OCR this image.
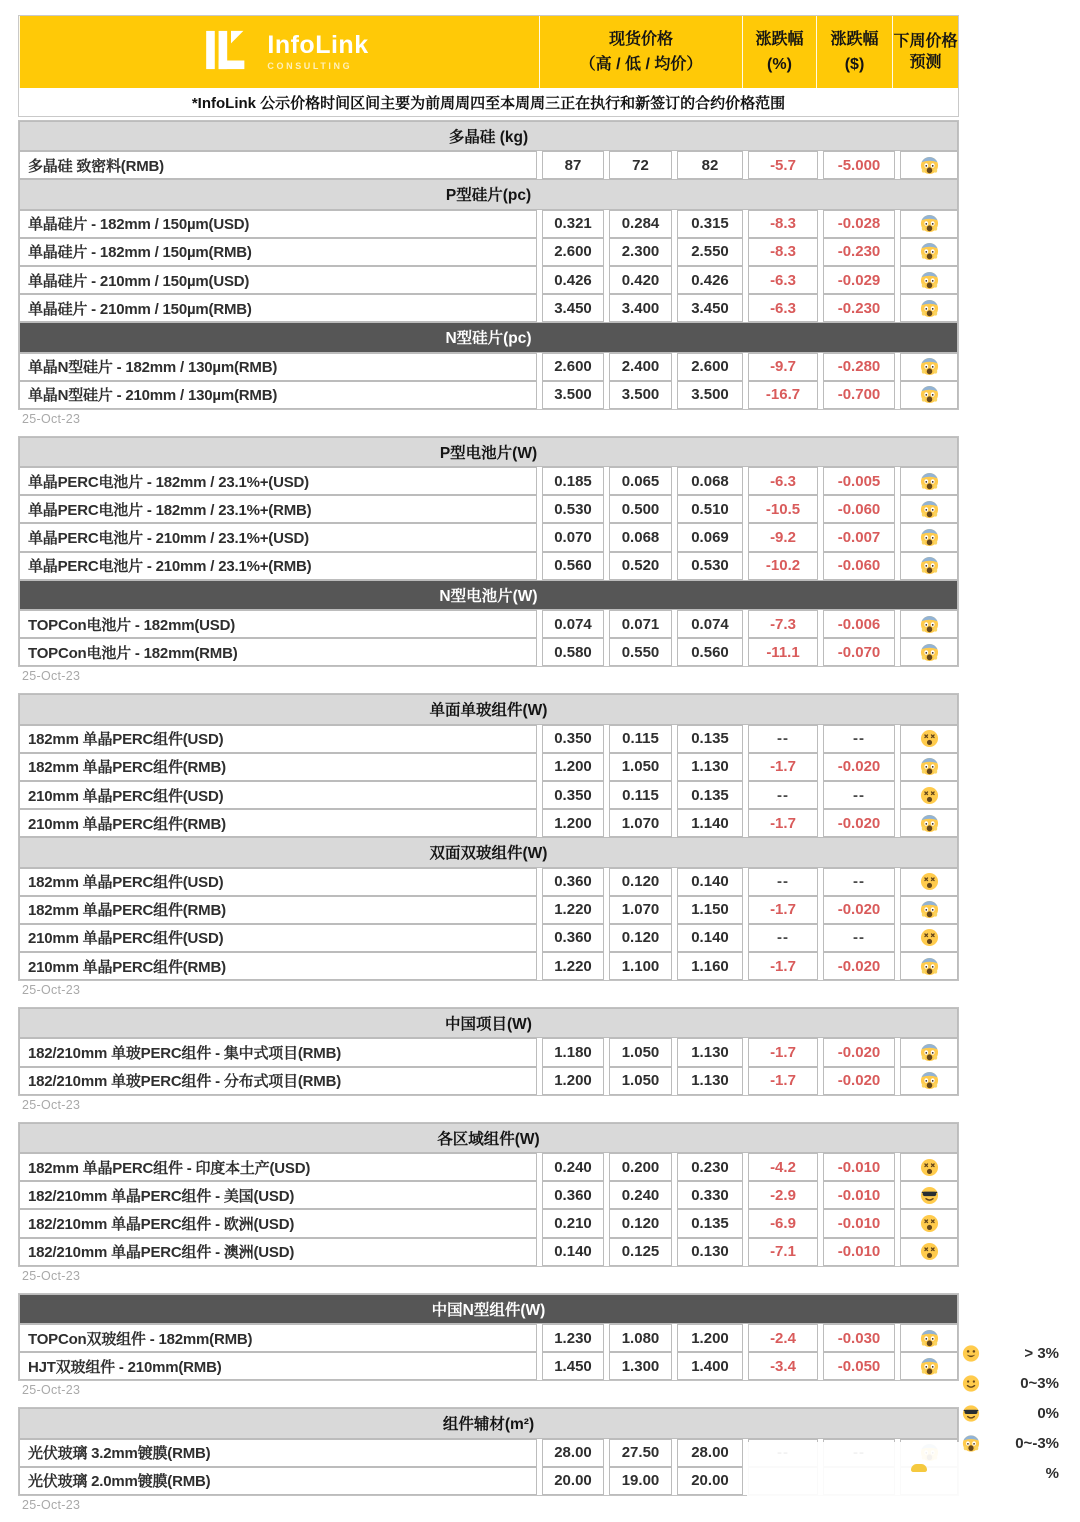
InfoLink
CONSULTING
现货价格
（高 / 低 / 均价）
涨跌幅
(%)
涨跌幅
($)
下周价格
预测
*InfoLink 公示价格时间区间主要为前周周四至本周周三正在执行和新签订的合约价格范围
多晶硅 (kg)
多晶硅 致密料(RMB)	87	72	82	-5.7	-5.000
P型硅片(pc)
单晶硅片 - 182mm / 150µm(USD)	0.321	0.284	0.315	-8.3	-0.028
单晶硅片 - 182mm / 150µm(RMB)	2.600	2.300	2.550	-8.3	-0.230
单晶硅片 - 210mm / 150µm(USD)	0.426	0.420	0.426	-6.3	-0.029
单晶硅片 - 210mm / 150µm(RMB)	3.450	3.400	3.450	-6.3	-0.230
N型硅片(pc)
单晶N型硅片 - 182mm / 130µm(RMB)	2.600	2.400	2.600	-9.7	-0.280
单晶N型硅片 - 210mm / 130µm(RMB)	3.500	3.500	3.500	-16.7	-0.700
25-Oct-23
P型电池片(W)
单晶PERC电池片 - 182mm / 23.1%+(USD)	0.185	0.065	0.068	-6.3	-0.005
单晶PERC电池片 - 182mm / 23.1%+(RMB)	0.530	0.500	0.510	-10.5	-0.060
单晶PERC电池片 - 210mm / 23.1%+(USD)	0.070	0.068	0.069	-9.2	-0.007
单晶PERC电池片 - 210mm / 23.1%+(RMB)	0.560	0.520	0.530	-10.2	-0.060
N型电池片(W)
TOPCon电池片 - 182mm(USD)	0.074	0.071	0.074	-7.3	-0.006
TOPCon电池片 - 182mm(RMB)	0.580	0.550	0.560	-11.1	-0.070
25-Oct-23
单面单玻组件(W)
182mm 单晶PERC组件(USD)	0.350	0.115	0.135	--	--
182mm 单晶PERC组件(RMB)	1.200	1.050	1.130	-1.7	-0.020
210mm 单晶PERC组件(USD)	0.350	0.115	0.135	--	--
210mm 单晶PERC组件(RMB)	1.200	1.070	1.140	-1.7	-0.020
双面双玻组件(W)
182mm 单晶PERC组件(USD)	0.360	0.120	0.140	--	--
182mm 单晶PERC组件(RMB)	1.220	1.070	1.150	-1.7	-0.020
210mm 单晶PERC组件(USD)	0.360	0.120	0.140	--	--
210mm 单晶PERC组件(RMB)	1.220	1.100	1.160	-1.7	-0.020
25-Oct-23
中国项目(W)
182/210mm 单玻PERC组件 - 集中式项目(RMB)	1.180	1.050	1.130	-1.7	-0.020
182/210mm 单玻PERC组件 - 分布式项目(RMB)	1.200	1.050	1.130	-1.7	-0.020
25-Oct-23
各区域组件(W)
182mm 单晶PERC组件 - 印度本土产(USD)	0.240	0.200	0.230	-4.2	-0.010
182/210mm 单晶PERC组件 - 美国(USD)	0.360	0.240	0.330	-2.9	-0.010
182/210mm 单晶PERC组件 - 欧洲(USD)	0.210	0.120	0.135	-6.9	-0.010
182/210mm 单晶PERC组件 - 澳洲(USD)	0.140	0.125	0.130	-7.1	-0.010
25-Oct-23
中国N型组件(W)
TOPCon双玻组件 - 182mm(RMB)	1.230	1.080	1.200	-2.4	-0.030
HJT双玻组件 - 210mm(RMB)	1.450	1.300	1.400	-3.4	-0.050
25-Oct-23
组件辅材(m²)
光伏玻璃 3.2mm镀膜(RMB)	28.00	27.50	28.00
光伏玻璃 2.0mm镀膜(RMB)	20.00	19.00	20.00
25-Oct-23
> 3%
0~3%
0%
0~-3%
%
